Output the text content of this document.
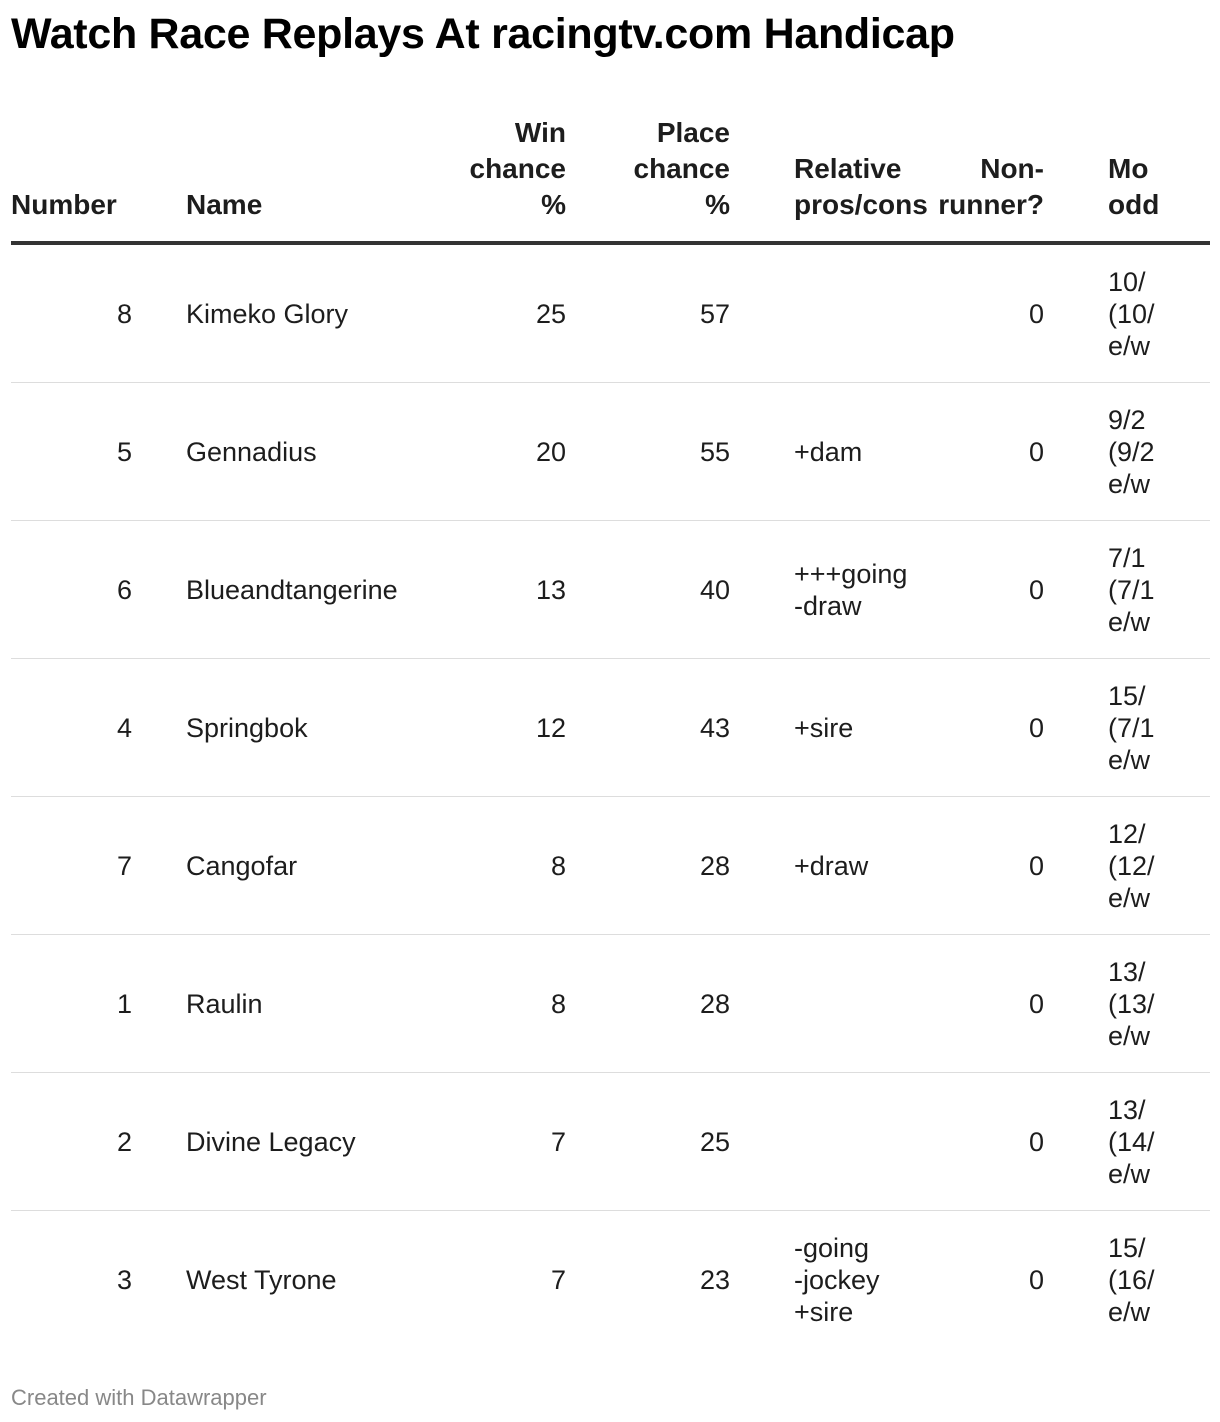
Watch Race Replays At racingtv.com Handicap
Number	Name	Win
chance
%	Place
chance
%	Relative
pros/cons	Non-
runner?	Mo
odd
8	Kimeko Glory	25	57		0	10/
(10/
e/w
5	Gennadius	20	55	+dam	0	9/2
(9/2
e/w
6	Blueandtangerine	13	40	+++going
-draw	0	7/1
(7/1
e/w
4	Springbok	12	43	+sire	0	15/
(7/1
e/w
7	Cangofar	8	28	+draw	0	12/
(12/
e/w
1	Raulin	8	28		0	13/
(13/
e/w
2	Divine Legacy	7	25		0	13/
(14/
e/w
3	West Tyrone	7	23	-going
-jockey
+sire	0	15/
(16/
e/w
Created with Datawrapper
